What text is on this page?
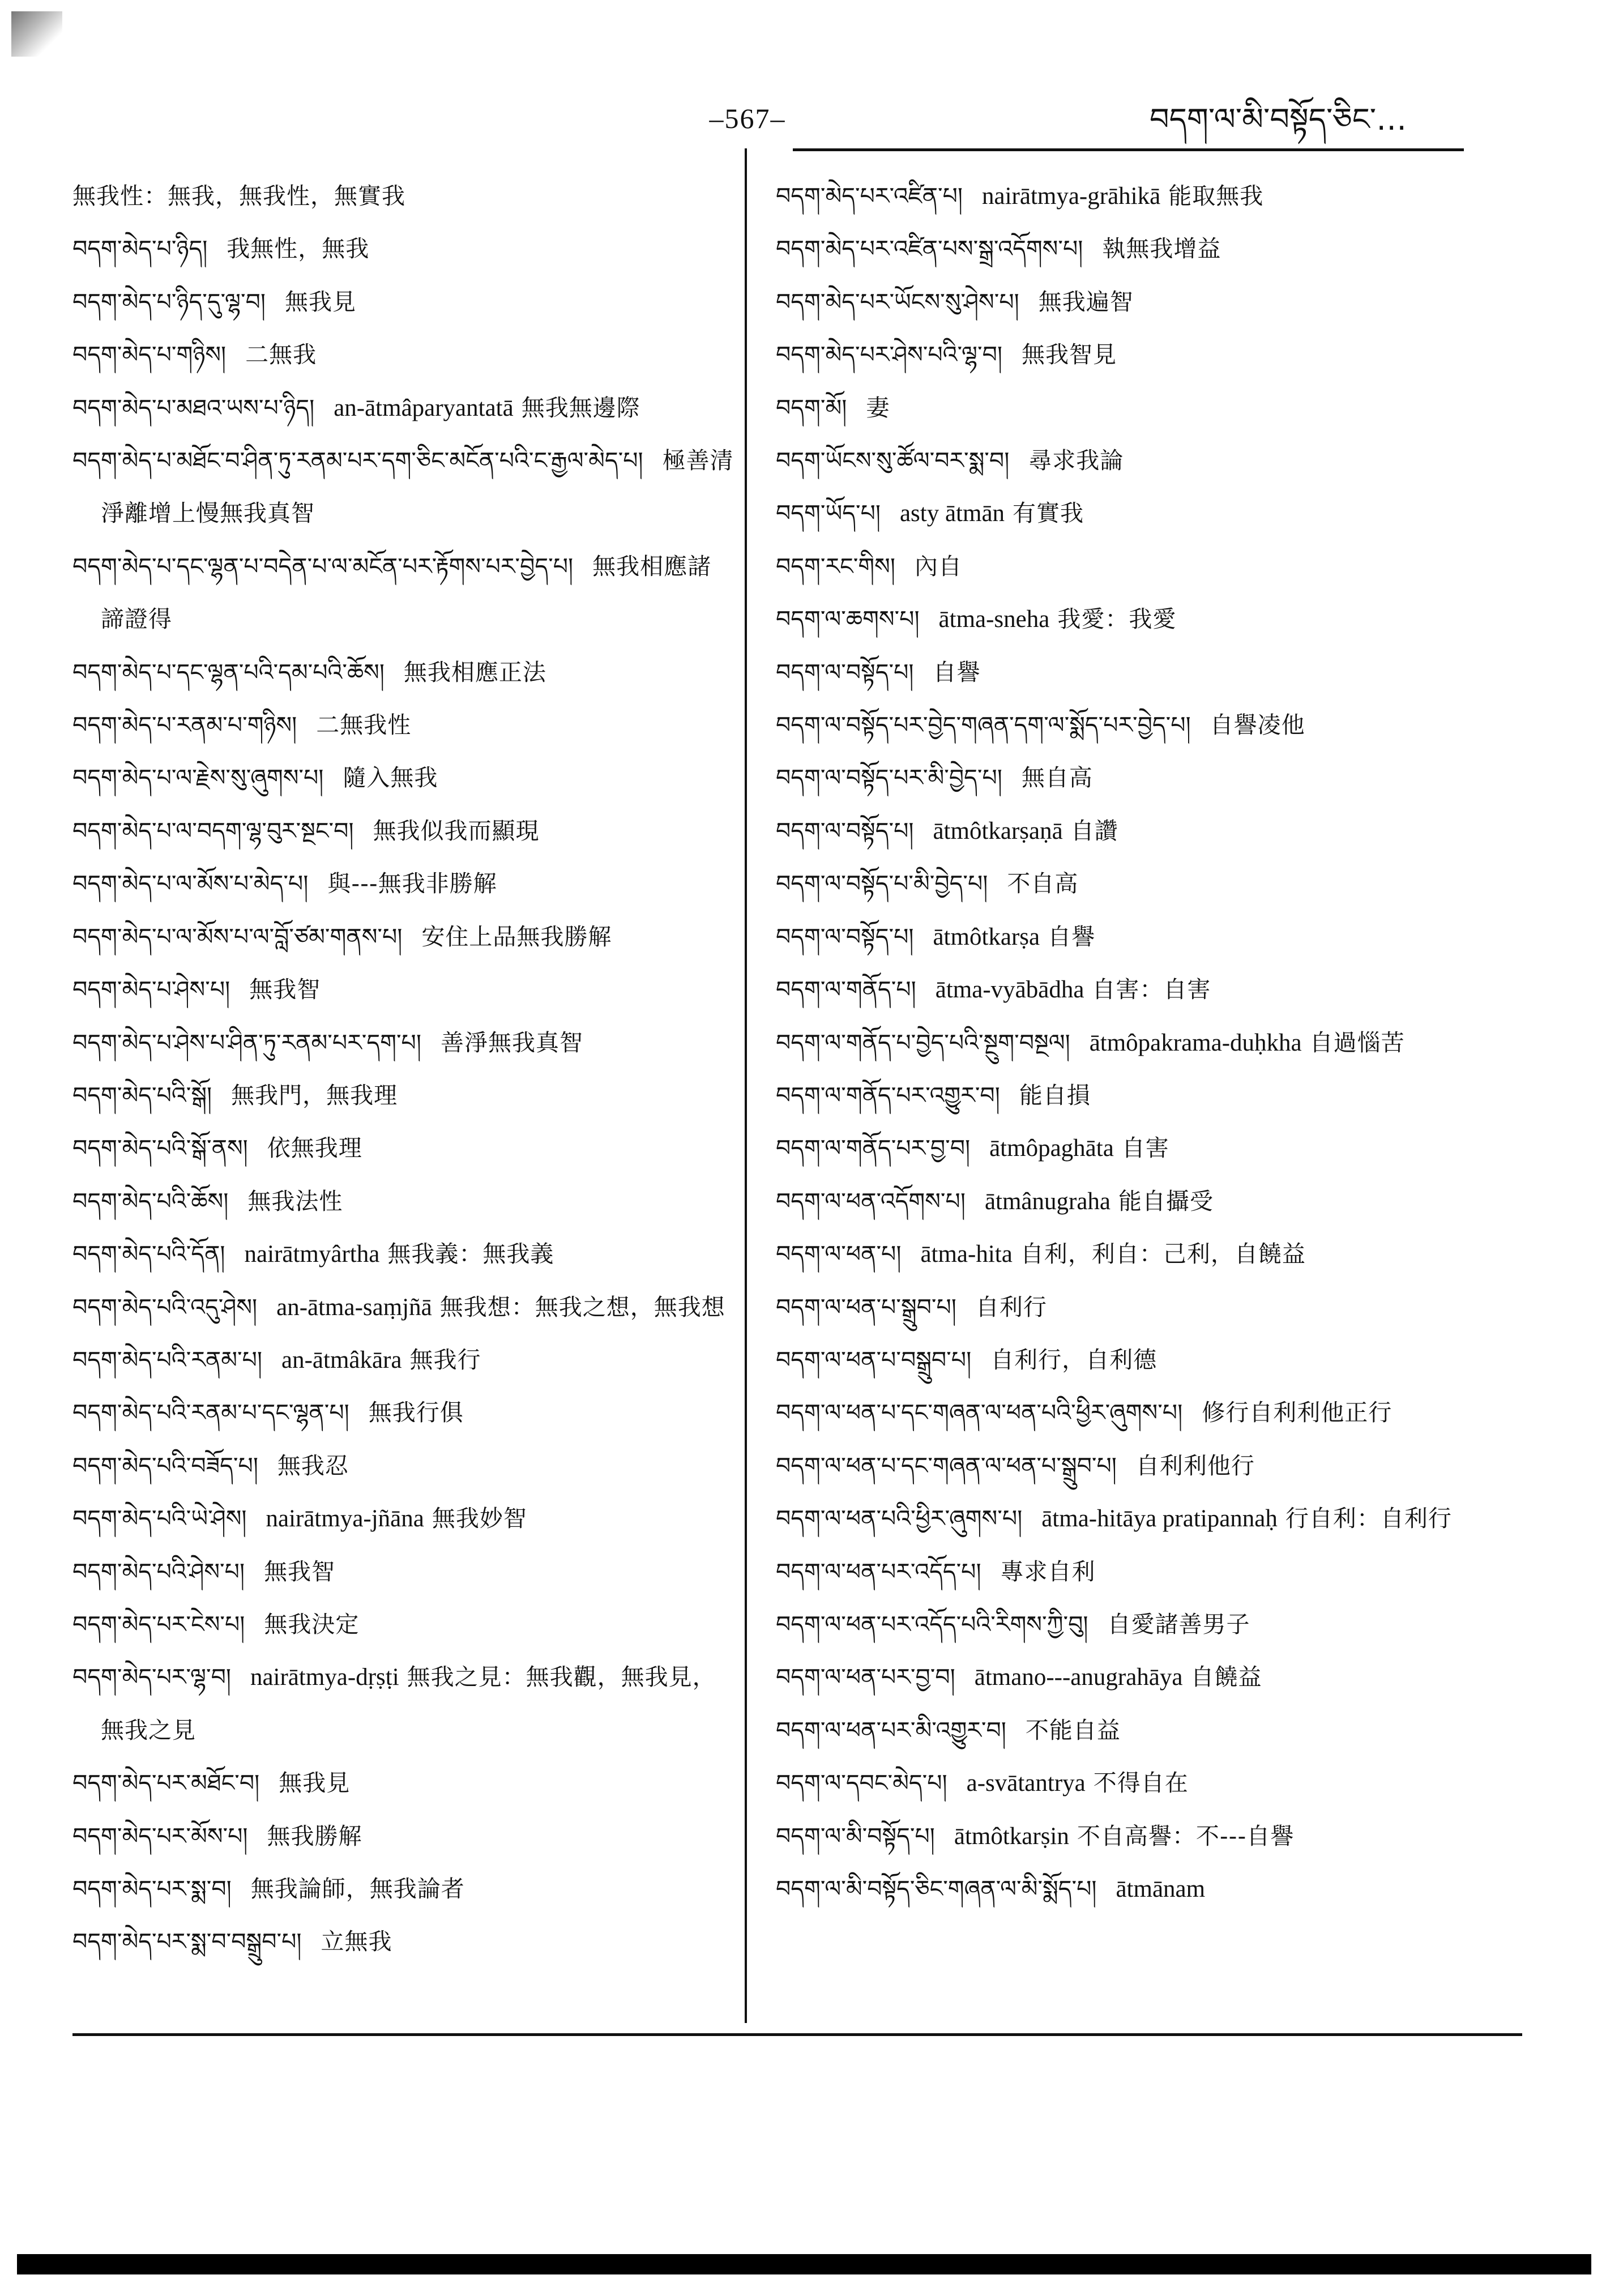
–567–	བདག་ལ་མི་བསྟོད་ཅིང་…
無我性：無我，無我性，無實我
བདག་མེད་པ་ཉིད། 我無性，無我
བདག་མེད་པ་ཉིད་དུ་ལྷ་བ། 無我見
བདག་མེད་པ་གཉིས། 二無我
བདག་མེད་པ་མཐའ་ཡས་པ་ཉིད། an-ātmâparyantatā 無我無邊際
བདག་མེད་པ་མཐོང་བ་ཤིན་ཏུ་རནམ་པར་དག་ཅིང་མངོན་པའི་ང་རྒྱལ་མེད་པ། 極善清淨離增上慢無我真智
བདག་མེད་པ་དང་ལྷན་པ་བདེན་པ་ལ་མངོན་པར་རྟོགས་པར་བྱེད་པ། 無我相應諸諦證得
བདག་མེད་པ་དང་ལྷན་པའི་དམ་པའི་ཆོས། 無我相應正法
བདག་མེད་པ་རནམ་པ་གཉིས། 二無我性
བདག་མེད་པ་ལ་རྗེས་སུ་ཞུགས་པ། 隨入無我
བདག་མེད་པ་ལ་བདག་ལྷ་བུར་སྔང་བ། 無我似我而顯現
བདག་མེད་པ་ལ་མོས་པ་མེད་པ། 與---無我非勝解
བདག་མེད་པ་ལ་མོས་པ་ལ་བློ་ཙམ་གནས་པ། 安住上品無我勝解
བདག་མེད་པ་ཤེས་པ། 無我智
བདག་མེད་པ་ཤེས་པ་ཤིན་ཏུ་རནམ་པར་དག་པ། 善淨無我真智
བདག་མེད་པའི་སྒོ། 無我門，無我理
བདག་མེད་པའི་སྒོ་ནས། 依無我理
བདག་མེད་པའི་ཆོས། 無我法性
བདག་མེད་པའི་དོན། nairātmyârtha 無我義：無我義
བདག་མེད་པའི་འདུ་ཤེས། an-ātma-saṃjñā 無我想：無我之想，無我想
བདག་མེད་པའི་རནམ་པ། an-ātmâkāra 無我行
བདག་མེད་པའི་རནམ་པ་དང་ལྷན་པ། 無我行俱
བདག་མེད་པའི་བཟོད་པ། 無我忍
བདག་མེད་པའི་ཡེ་ཤེས། nairātmya-jñāna 無我妙智
བདག་མེད་པའི་ཤེས་པ། 無我智
བདག་མེད་པར་ངེས་པ། 無我決定
བདག་མེད་པར་ལྷ་བ། nairātmya-dṛṣṭi 無我之見：無我觀，無我見，無我之見
བདག་མེད་པར་མཐོང་བ། 無我見
བདག་མེད་པར་མོས་པ། 無我勝解
བདག་མེད་པར་སྨ་བ། 無我論師，無我論者
བདག་མེད་པར་སྨ་བ་བསྒྲུབ་པ། 立無我
བདག་མེད་པར་འཛིན་པ། nairātmya-grāhikā 能取無我
བདག་མེད་པར་འཛིན་པས་སྒྲ་འདོགས་པ། 執無我增益
བདག་མེད་པར་ཡོངས་སུ་ཤེས་པ། 無我遍智
བདག་མེད་པར་ཤེས་པའི་ལྷ་བ། 無我智見
བདག་མོ། 妻
བདག་ཡོངས་སུ་ཚོལ་བར་སྨ་བ། 尋求我論
བདག་ཡོད་པ། asty ātmān 有實我
བདག་རང་གིས། 內自
བདག་ལ་ཆགས་པ། ātma-sneha 我愛：我愛
བདག་ལ་བསྟོད་པ། 自譽
བདག་ལ་བསྟོད་པར་བྱེད་གཞན་དག་ལ་སྨོད་པར་བྱེད་པ། 自譽凌他
བདག་ལ་བསྟོད་པར་མི་བྱེད་པ། 無自高
བདག་ལ་བསྟོད་པ། ātmôtkarṣaṇā 自讚
བདག་ལ་བསྟོད་པ་མི་བྱེད་པ། 不自高
བདག་ལ་བསྟོད་པ། ātmôtkarṣa 自譽
བདག་ལ་གནོད་པ། ātma-vyābādha 自害：自害
བདག་ལ་གནོད་པ་བྱེད་པའི་སྔུག་བསྔལ། ātmôpakrama-duḥkha 自過惱苦
བདག་ལ་གནོད་པར་འགྱུར་བ། 能自損
བདག་ལ་གནོད་པར་བྱ་བ། ātmôpaghāta 自害
བདག་ལ་ཕན་འདོགས་པ། ātmânugraha 能自攝受
བདག་ལ་ཕན་པ། ātma-hita 自利，利自：己利，自饒益
བདག་ལ་ཕན་པ་སྒྲུབ་པ། 自利行
བདག་ལ་ཕན་པ་བསྒྲུབ་པ། 自利行，自利德
བདག་ལ་ཕན་པ་དང་གཞན་ལ་ཕན་པའི་ཕྱིར་ཞུགས་པ། 修行自利利他正行
བདག་ལ་ཕན་པ་དང་གཞན་ལ་ཕན་པ་སྒྲུབ་པ། 自利利他行
བདག་ལ་ཕན་པའི་ཕྱིར་ཞུགས་པ། ātma-hitāya pratipannaḥ 行自利：自利行
བདག་ལ་ཕན་པར་འདོད་པ། 專求自利
བདག་ལ་ཕན་པར་འདོད་པའི་རིགས་ཀྱི་བུ། 自愛諸善男子
བདག་ལ་ཕན་པར་བྱ་བ། ātmano---anugrahāya 自饒益
བདག་ལ་ཕན་པར་མི་འགྱུར་བ། 不能自益
བདག་ལ་དབང་མེད་པ། a-svātantrya 不得自在
བདག་ལ་མི་བསྟོད་པ། ātmôtkarṣin 不自高譽：不---自譽
བདག་ལ་མི་བསྟོད་ཅིང་གཞན་ལ་མི་སྨོད་པ། ātmānam
